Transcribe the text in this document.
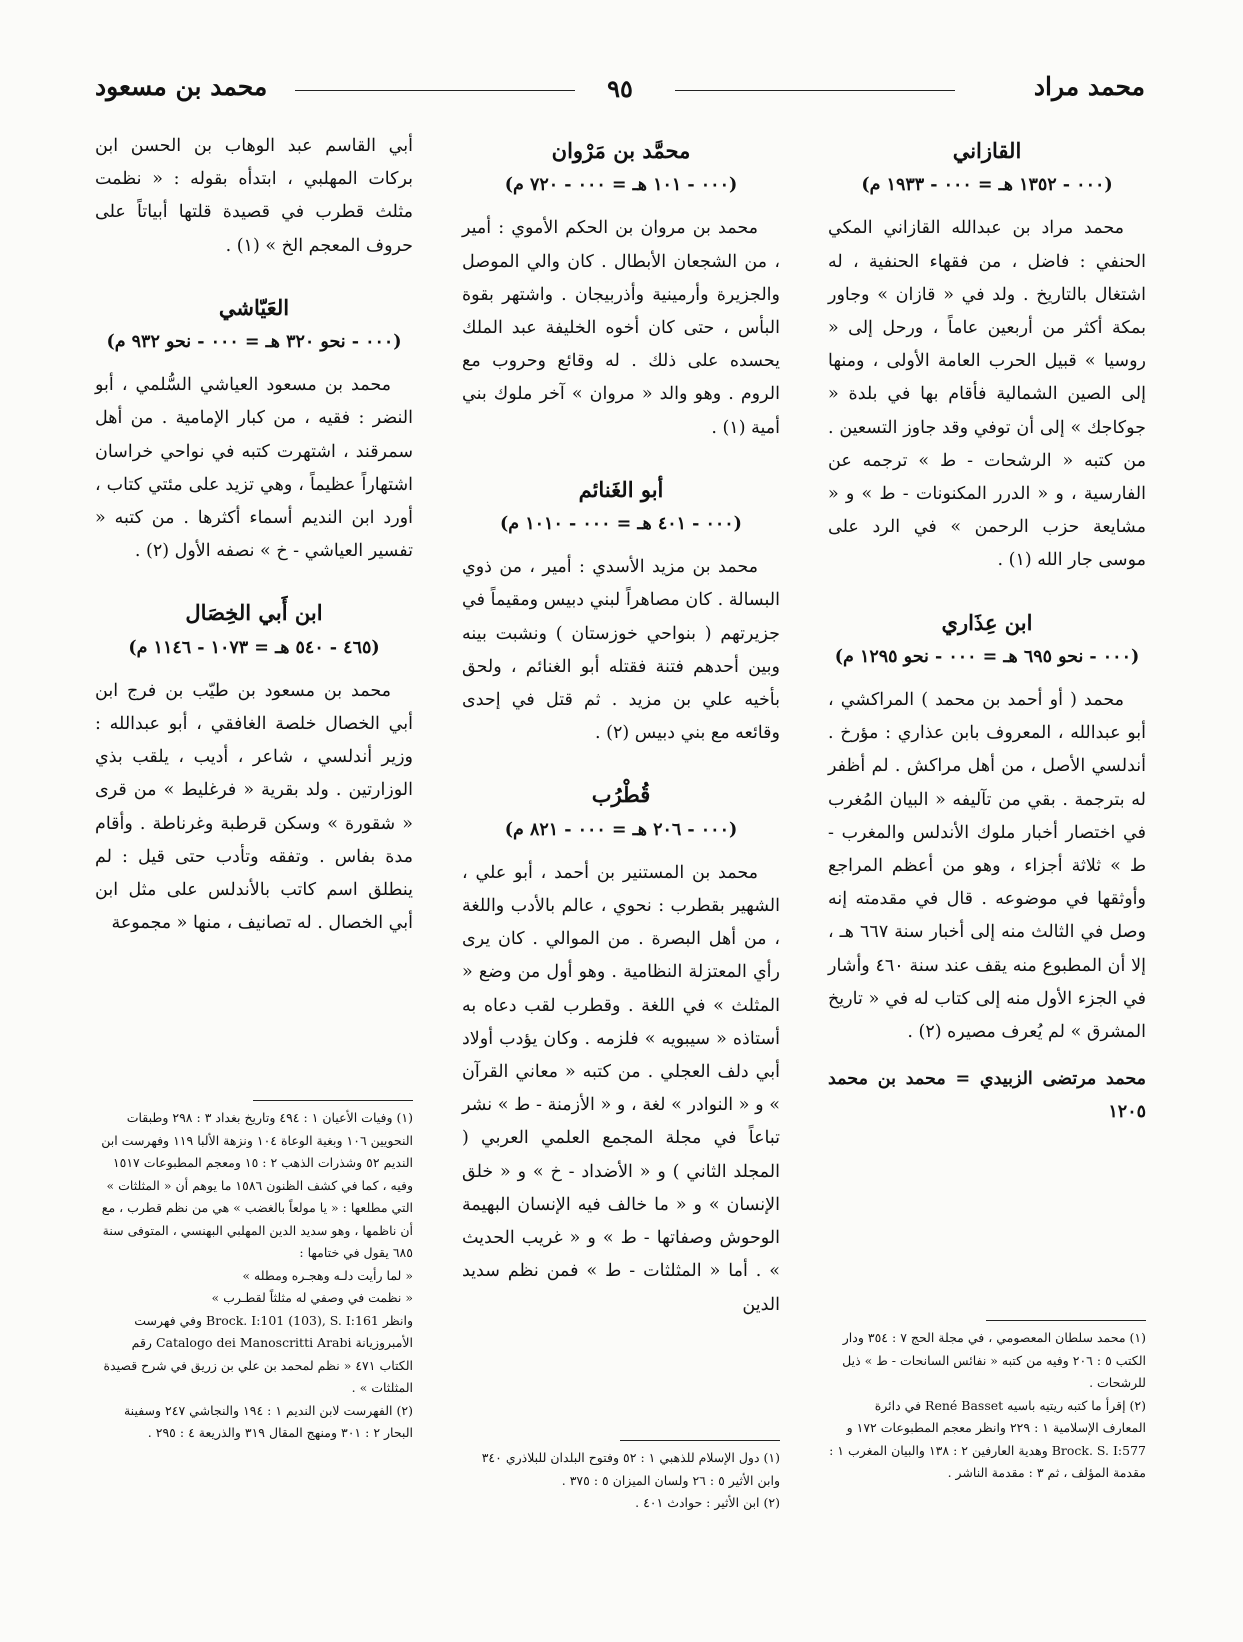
محمد مراد
٩٥
محمد بن مسعود
القازاني
(٠٠٠ - ١٣٥٢ هـ = ٠٠٠ - ١٩٣٣ م)

محمد مراد بن عبدالله القازاني المكي الحنفي : فاضل ، من فقهاء الحنفية ، له اشتغال بالتاريخ . ولد في « قازان » وجاور بمكة أكثر من أربعين عاماً ، ورحل إلى « روسيا » قبيل الحرب العامة الأولى ، ومنها إلى الصين الشمالية فأقام بها في بلدة « جوكاجك » إلى أن توفي وقد جاوز التسعين . من كتبه « الرشحات - ط » ترجمه عن الفارسية ، و « الدرر المكنونات - ط » و « مشايعة حزب الرحمن » في الرد على موسى جار الله (١) .

ابن عِذَاري
(٠٠٠ - نحو ٦٩٥ هـ = ٠٠٠ - نحو ١٢٩٥ م)

محمد ( أو أحمد بن محمد ) المراكشي ، أبو عبدالله ، المعروف بابن عذاري : مؤرخ . أندلسي الأصل ، من أهل مراكش . لم أظفر له بترجمة . بقي من تآليفه « البيان المُغرب في اختصار أخبار ملوك الأندلس والمغرب - ط » ثلاثة أجزاء ، وهو من أعظم المراجع وأوثقها في موضوعه . قال في مقدمته إنه وصل في الثالث منه إلى أخبار سنة ٦٦٧ هـ ، إلا أن المطبوع منه يقف عند سنة ٤٦٠ وأشار في الجزء الأول منه إلى كتاب له في « تاريخ المشرق » لم يُعرف مصيره (٢) .

محمد مرتضى الزبيدي = محمد بن محمد ١٢٠٥

(١) محمد سلطان المعصومي ، في مجلة الحج ٧ : ٣٥٤ ودار الكتب ٥ : ٢٠٦ وفيه من كتبه « نفائس السانحات - ط » ذيل للرشحات .

(٢) إقرأ ما كتبه ريتيه باسيه René Basset في دائرة المعارف الإسلامية ١ : ٢٢٩ وانظر معجم المطبوعات ١٧٢ و Brock. S. I:577 وهدية العارفين ٢ : ١٣٨ والبيان المغرب ١ : مقدمة المؤلف ، ثم ٣ : مقدمة الناشر .

محمَّد بن مَرْوان
(٠٠٠ - ١٠١ هـ = ٠٠٠ - ٧٢٠ م)

محمد بن مروان بن الحكم الأموي : أمير ، من الشجعان الأبطال . كان والي الموصل والجزيرة وأرمينية وأذربيجان . واشتهر بقوة البأس ، حتى كان أخوه الخليفة عبد الملك يحسده على ذلك . له وقائع وحروب مع الروم . وهو والد « مروان » آخر ملوك بني أمية (١) .

أبو الغَنائم
(٠٠٠ - ٤٠١ هـ = ٠٠٠ - ١٠١٠ م)

محمد بن مزيد الأسدي : أمير ، من ذوي البسالة . كان مصاهراً لبني دبيس ومقيماً في جزيرتهم ( بنواحي خوزستان ) ونشبت بينه وبين أحدهم فتنة فقتله أبو الغنائم ، ولحق بأخيه علي بن مزيد . ثم قتل في إحدى وقائعه مع بني دبيس (٢) .

قُطْرُب
(٠٠٠ - ٢٠٦ هـ = ٠٠٠ - ٨٢١ م)

محمد بن المستنير بن أحمد ، أبو علي ، الشهير بقطرب : نحوي ، عالم بالأدب واللغة ، من أهل البصرة . من الموالي . كان يرى رأي المعتزلة النظامية . وهو أول من وضع « المثلث » في اللغة . وقطرب لقب دعاه به أستاذه « سيبويه » فلزمه . وكان يؤدب أولاد أبي دلف العجلي . من كتبه « معاني القرآن » و « النوادر » لغة ، و « الأزمنة - ط » نشر تباعاً في مجلة المجمع العلمي العربي ( المجلد الثاني ) و « الأضداد - خ » و « خلق الإنسان » و « ما خالف فيه الإنسان البهيمة الوحوش وصفاتها - ط » و « غريب الحديث » . أما « المثلثات - ط » فمن نظم سديد الدين

(١) دول الإسلام للذهبي ١ : ٥٢ وفتوح البلدان للبلاذري ٣٤٠ وابن الأثير ٥ : ٢٦ ولسان الميزان ٥ : ٣٧٥ .

(٢) ابن الأثير : حوادث ٤٠١ .

أبي القاسم عبد الوهاب بن الحسن ابن بركات المهلبي ، ابتدأه بقوله : « نظمت مثلث قطرب في قصيدة قلتها أبياتاً على حروف المعجم الخ » (١) .

العَيّاشي
(٠٠٠ - نحو ٣٢٠ هـ = ٠٠٠ - نحو ٩٣٢ م)

محمد بن مسعود العياشي السُّلمي ، أبو النضر : فقيه ، من كبار الإمامية . من أهل سمرقند ، اشتهرت كتبه في نواحي خراسان اشتهاراً عظيماً ، وهي تزيد على مئتي كتاب ، أورد ابن النديم أسماء أكثرها . من كتبه « تفسير العياشي - خ » نصفه الأول (٢) .

ابن أَبي الخِصَال
(٤٦٥ - ٥٤٠ هـ = ١٠٧٣ - ١١٤٦ م)

محمد بن مسعود بن طيّب بن فرج ابن أبي الخصال خلصة الغافقي ، أبو عبدالله : وزير أندلسي ، شاعر ، أديب ، يلقب بذي الوزارتين . ولد بقرية « فرغليط » من قرى « شقورة » وسكن قرطبة وغرناطة . وأقام مدة بفاس . وتفقه وتأدب حتى قيل : لم ينطلق اسم كاتب بالأندلس على مثل ابن أبي الخصال . له تصانيف ، منها « مجموعة

(١) وفيات الأعيان ١ : ٤٩٤ وتاريخ بغداد ٣ : ٢٩٨ وطبقات النحويين ١٠٦ وبغية الوعاة ١٠٤ ونزهة الألبا ١١٩ وفهرست ابن النديم ٥٢ وشذرات الذهب ٢ : ١٥ ومعجم المطبوعات ١٥١٧ وفيه ، كما في كشف الظنون ١٥٨٦ ما يوهم أن « المثلثات » التي مطلعها : « يا مولعاً بالغضب » هي من نظم قطرب ، مع أن ناظمها ، وهو سديد الدين المهلبي البهنسي ، المتوفى سنة ٦٨٥ يقول في ختامها :

« لما رأيت دلـه وهجـره ومطله »

« نظمت في وصفي له مثلثاً لقطـرب »

وانظر Brock. I:101 (103), S. I:161 وفي فهرست الأمبروزيانة Catalogo dei Manoscritti Arabi رقم الكتاب ٤٧١ « نظم لمحمد بن علي بن زريق في شرح قصيدة المثلثات » .

(٢) الفهرست لابن النديم ١ : ١٩٤ والنجاشي ٢٤٧ وسفينة البحار ٢ : ٣٠١ ومنهج المقال ٣١٩ والذريعة ٤ : ٢٩٥ .
